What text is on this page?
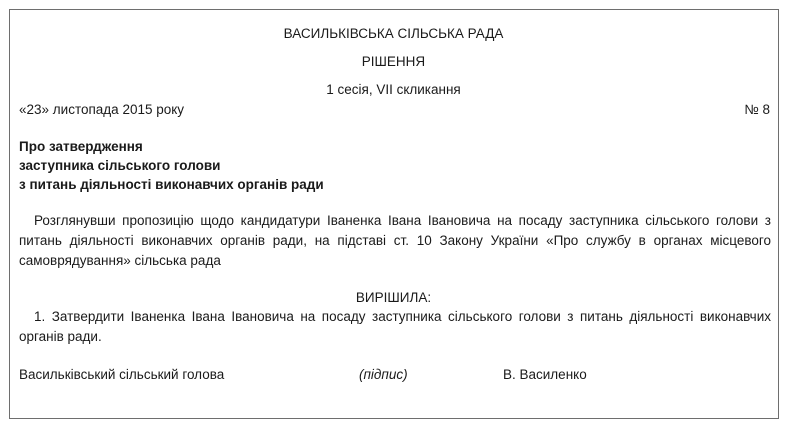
ВАСИЛЬКІВСЬКА СІЛЬСЬКА РАДА
РІШЕННЯ
1 сесія, VII скликання
«23» листопада 2015 року	№ 8
Про затвердження
заступника сільського голови
з питань діяльності виконавчих органів ради
Розглянувши пропозицію щодо кандидатури Іваненка Івана Івановича на посаду заступника сільського голови з питань діяльності виконавчих органів ради, на підставі ст. 10 Закону України «Про службу в органах місцевого самоврядування» сільська рада
ВИРІШИЛА:
1. Затвердити Іваненка Івана Івановича на посаду заступника сільського голови з питань діяльності виконавчих органів ради.
Васильківський сільський голова	(підпис)	В. Василенко
